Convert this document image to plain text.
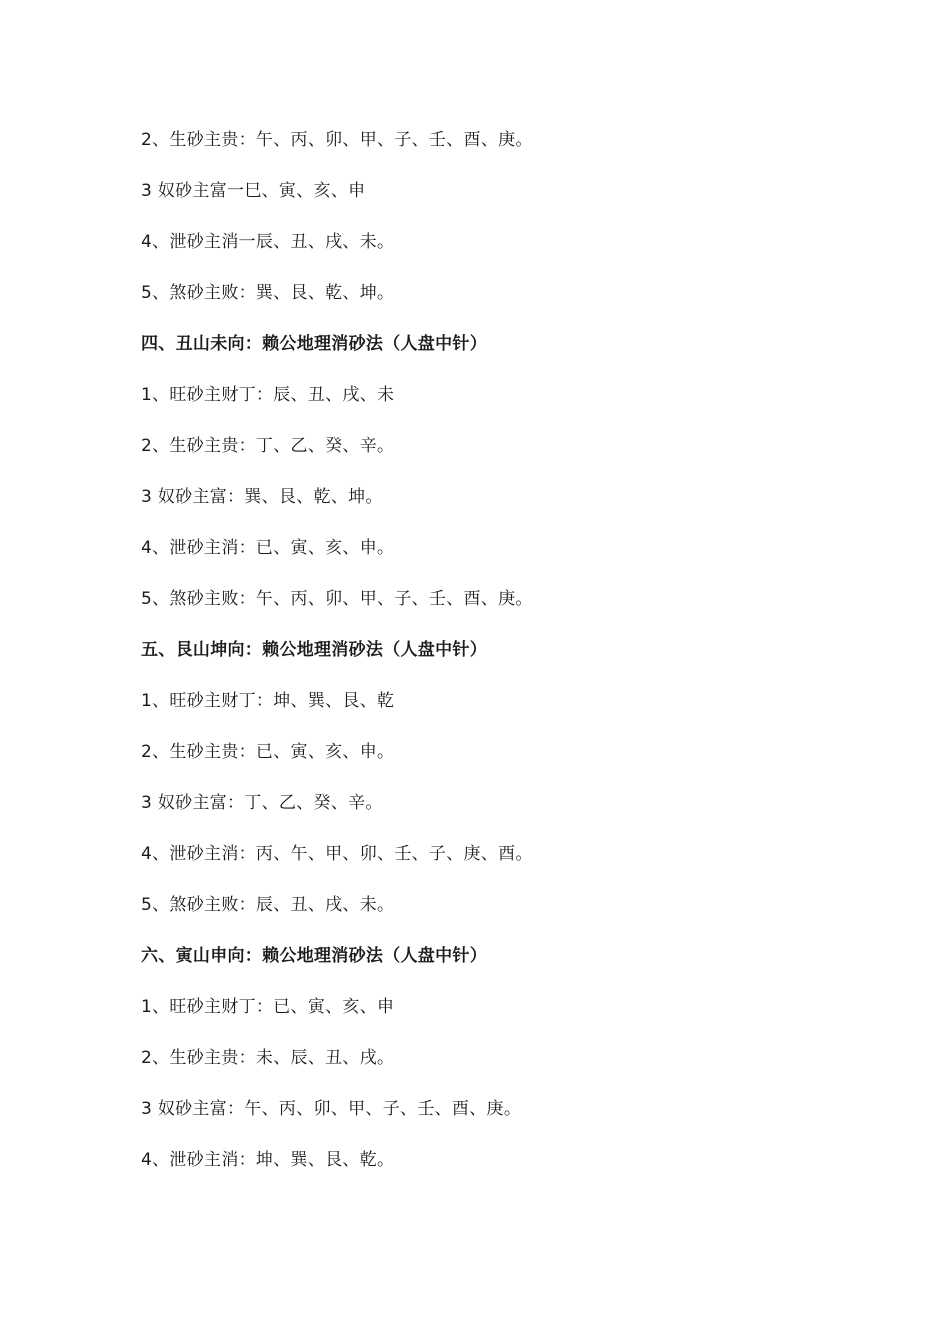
2、生砂主贵：午、丙、卯、甲、子、壬、酉、庚。
3 奴砂主富一巳、寅、亥、申
4、泄砂主消一辰、丑、戌、未。
5、煞砂主败：巽、艮、乾、坤。
四、丑山未向：赖公地理消砂法（人盘中针）
1、旺砂主财丁：辰、丑、戌、未
2、生砂主贵：丁、乙、癸、辛。
3 奴砂主富：巽、艮、乾、坤。
4、泄砂主消：已、寅、亥、申。
5、煞砂主败：午、丙、卯、甲、子、壬、酉、庚。
五、艮山坤向：赖公地理消砂法（人盘中针）
1、旺砂主财丁：坤、巽、艮、乾
2、生砂主贵：已、寅、亥、申。
3 奴砂主富：丁、乙、癸、辛。
4、泄砂主消：丙、午、甲、卯、壬、子、庚、酉。
5、煞砂主败：辰、丑、戌、未。
六、寅山申向：赖公地理消砂法（人盘中针）
1、旺砂主财丁：已、寅、亥、申
2、生砂主贵：未、辰、丑、戌。
3 奴砂主富：午、丙、卯、甲、子、壬、酉、庚。
4、泄砂主消：坤、巽、艮、乾。
